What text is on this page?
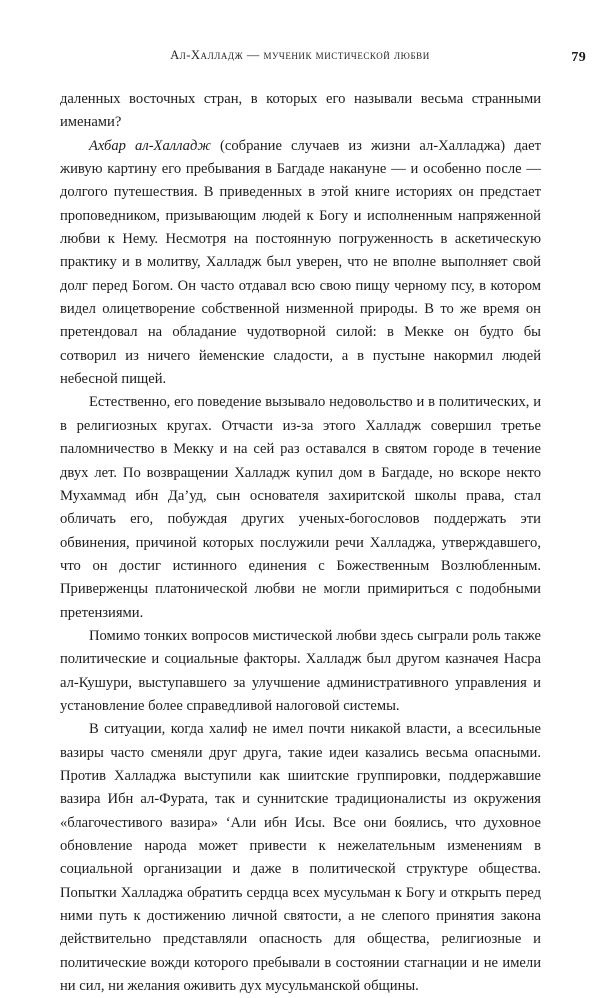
Ал-Халладж — мученик мистической любви	79

даленных восточных стран, в которых его называли весьма странными именами?

Ахбар ал-Халладж (собрание случаев из жизни ал-Халладжа) дает живую картину его пребывания в Багдаде накануне — и особенно после — долгого путешествия. В приведенных в этой книге историях он предстает проповедником, призывающим людей к Богу и исполненным напряженной любви к Нему. Несмотря на постоянную погруженность в аскетическую практику и в молитву, Халладж был уверен, что не вполне выполняет свой долг перед Богом. Он часто отдавал всю свою пищу черному псу, в котором видел олицетворение собственной низменной природы. В то же время он претендовал на обладание чудотворной силой: в Мекке он будто бы сотворил из ничего йеменские сладости, а в пустыне накормил людей небесной пищей.

Естественно, его поведение вызывало недовольство и в политических, и в религиозных кругах. Отчасти из-за этого Халладж совершил третье паломничество в Мекку и на сей раз оставался в святом городе в течение двух лет. По возвращении Халладж купил дом в Багдаде, но вскоре некто Мухаммад ибн Да’уд, сын основателя захиритской школы права, стал обличать его, побуждая других ученых-богословов поддержать эти обвинения, причиной которых послужили речи Халладжа, утверждавшего, что он достиг истинного единения с Божественным Возлюбленным. Приверженцы платонической любви не могли примириться с подобными претензиями.

Помимо тонких вопросов мистической любви здесь сыграли роль также политические и социальные факторы. Халладж был другом казначея Насра ал-Кушури, выступавшего за улучшение административного управления и установление более справедливой налоговой системы.

В ситуации, когда халиф не имел почти никакой власти, а всесильные вазиры часто сменяли друг друга, такие идеи казались весьма опасными. Против Халладжа выступили как шиитские группировки, поддержавшие вазира Ибн ал-Фурата, так и суннитские традиционалисты из окружения «благочестивого вазира» ‘Али ибн Исы. Все они боялись, что духовное обновление народа может привести к нежелательным изменениям в социальной организации и даже в политической структуре общества. Попытки Халладжа обратить сердца всех мусульман к Богу и открыть перед ними путь к достижению личной святости, а не слепого принятия закона действительно представляли опасность для общества, религиозные и политические вожди которого пребывали в состоянии стагнации и не имели ни сил, ни желания оживить дух мусульманской общины.
